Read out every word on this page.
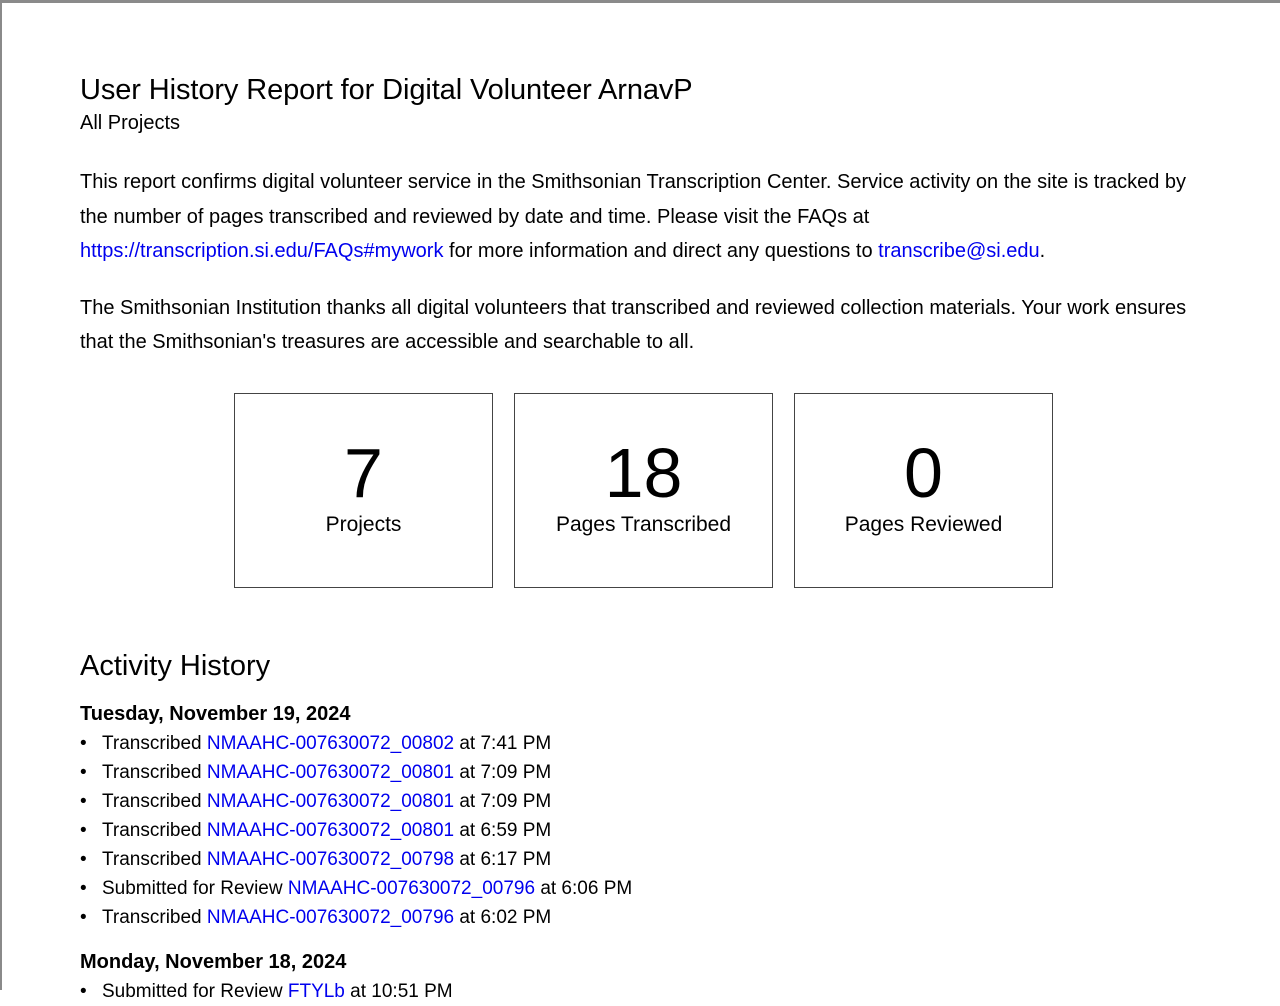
User History Report for Digital Volunteer ArnavP
All Projects

This report confirms digital volunteer service in the Smithsonian Transcription Center. Service activity on the site is tracked by the number of pages transcribed and reviewed by date and time. Please visit the FAQs at https://transcription.si.edu/FAQs#mywork for more information and direct any questions to transcribe@si.edu.

The Smithsonian Institution thanks all digital volunteers that transcribed and reviewed collection materials. Your work ensures that the Smithsonian's treasures are accessible and searchable to all.

7
Projects
18
Pages Transcribed
0
Pages Reviewed
Activity History
Tuesday, November 19, 2024
• Transcribed NMAAHC-007630072_00802 at 7:41 PM
• Transcribed NMAAHC-007630072_00801 at 7:09 PM
• Transcribed NMAAHC-007630072_00801 at 7:09 PM
• Transcribed NMAAHC-007630072_00801 at 6:59 PM
• Transcribed NMAAHC-007630072_00798 at 6:17 PM
• Submitted for Review NMAAHC-007630072_00796 at 6:06 PM
• Transcribed NMAAHC-007630072_00796 at 6:02 PM
Monday, November 18, 2024
• Submitted for Review FTYLb at 10:51 PM
